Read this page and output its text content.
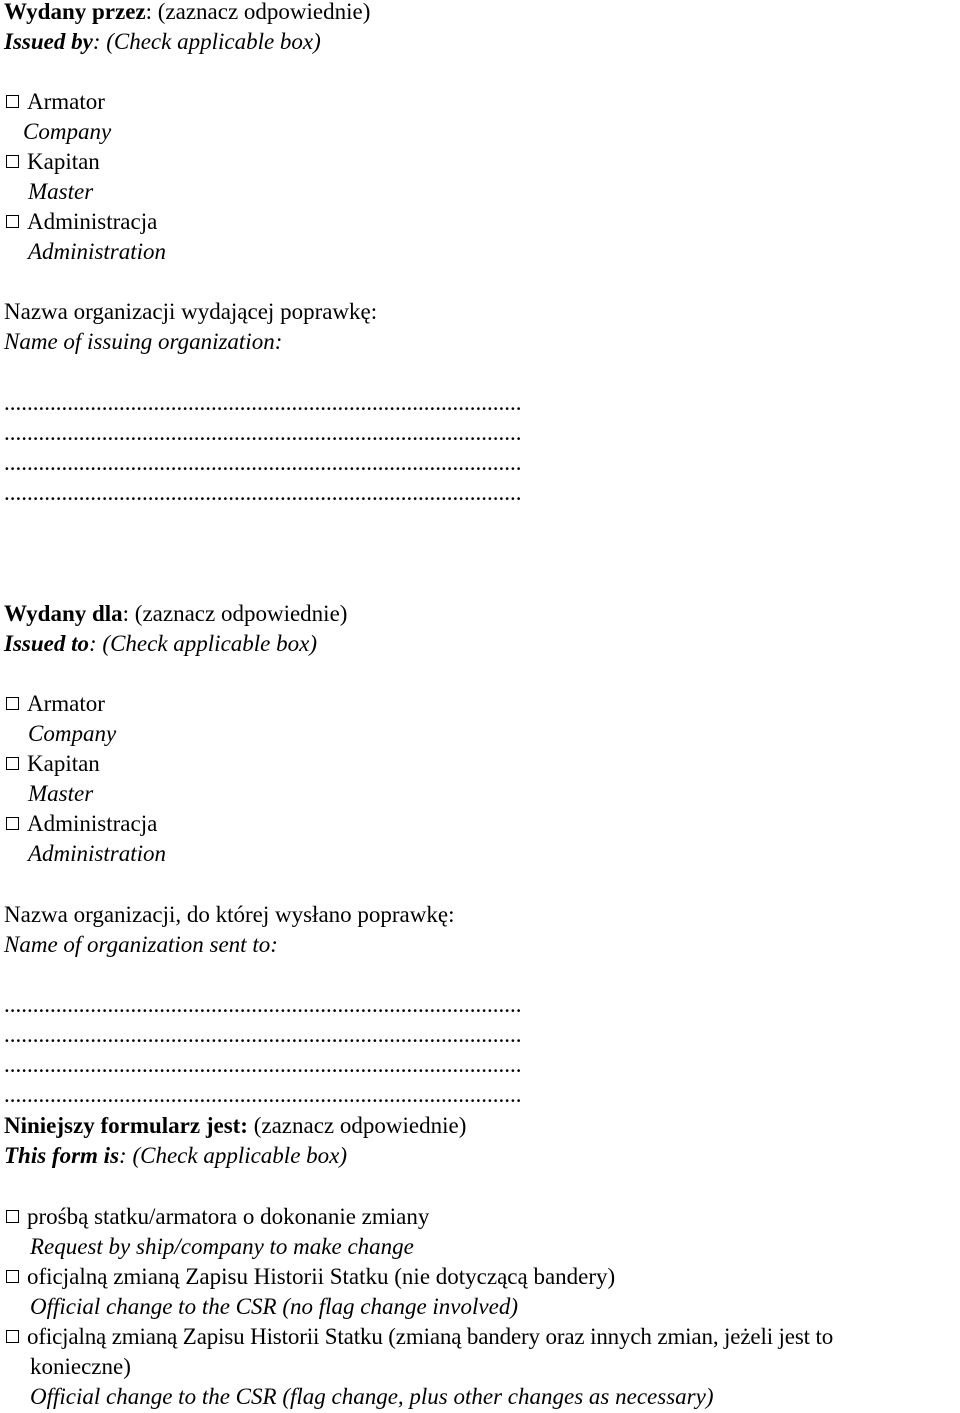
Wydany przez: (zaznacz odpowiednie)
Issued by: (Check applicable box)
Armator
Company
Kapitan
Master
Administracja
Administration
Nazwa organizacji wydającej poprawkę:
Name of issuing organization:
..........................................................................................
..........................................................................................
..........................................................................................
..........................................................................................
Wydany dla: (zaznacz odpowiednie)
Issued to: (Check applicable box)
Armator
Company
Kapitan
Master
Administracja
Administration
Nazwa organizacji, do której wysłano poprawkę:
Name of organization sent to:
..........................................................................................
..........................................................................................
..........................................................................................
..........................................................................................
Niniejszy formularz jest: (zaznacz odpowiednie)
This form is: (Check applicable box)
prośbą statku/armatora o dokonanie zmiany
Request by ship/company to make change
oficjalną zmianą Zapisu Historii Statku (nie dotyczącą bandery)
Official change to the CSR (no flag change involved)
oficjalną zmianą Zapisu Historii Statku (zmianą bandery oraz innych zmian, jeżeli jest to
konieczne)
Official change to the CSR (flag change, plus other changes as necessary)
